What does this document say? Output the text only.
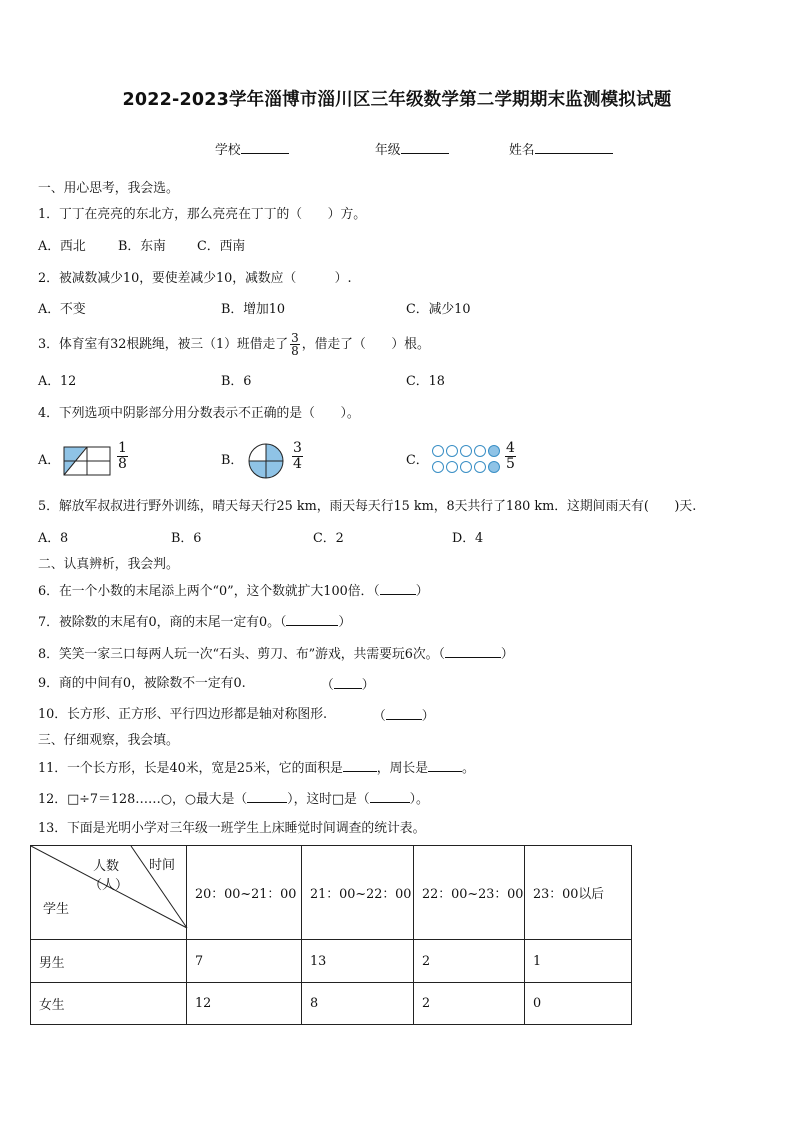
2022-2023学年淄博市淄川区三年级数学第二学期期末监测模拟试题
学校	年级	姓名
一、用心思考，我会选。
1．丁丁在亮亮的东北方，那么亮亮在丁丁的（　　）方。
A．西北	B．东南 C．西南
2．被减数减少10，要使差减少10，减数应（　　　）.
A．不变	B．增加10	C．减少10
3．体育室有32根跳绳，被三（1）班借走了 $\frac{3}{8}$ ，借走了（　　）根。
A．12	B．6	C．18
4．下列选项中阴影部分用分数表示不正确的是（　　）。
A．	$\frac{1}{8}$	B．	$\frac{3}{4}$	C．	$\frac{4}{5}$
5．解放军叔叔进行野外训练，晴天每天行25 km，雨天每天行15 km，8天共行了180 km．这期间雨天有(　　)天.
A．8	B．6	C．2	D．4
二、认真辨析，我会判。
6．在一个小数的末尾添上两个“0”，这个数就扩大100倍．（	）
7．被除数的末尾有0，商的末尾一定有0。（	）
8．笑笑一家三口每两人玩一次“石头、剪刀、布”游戏，共需要玩6次。（	）
9．商的中间有0，被除数不一定有0.	（ ）
10．长方形、正方形、平行四边形都是轴对称图形.	（	）
三、仔细观察，我会填。
11．一个长方形，长是40米，宽是25米，它的面积是	，周长是	。
12．□÷7＝128……○，○最大是（	），这时□是（	）。
13．下面是光明小学对三年级一班学生上床睡觉时间调查的统计表。
时间
人数
（人）
学生	20：00~21：00	21：00~22：00	22：00~23：00	23：00以后
男生	7	13	2	1
女生	12	8	2	0
